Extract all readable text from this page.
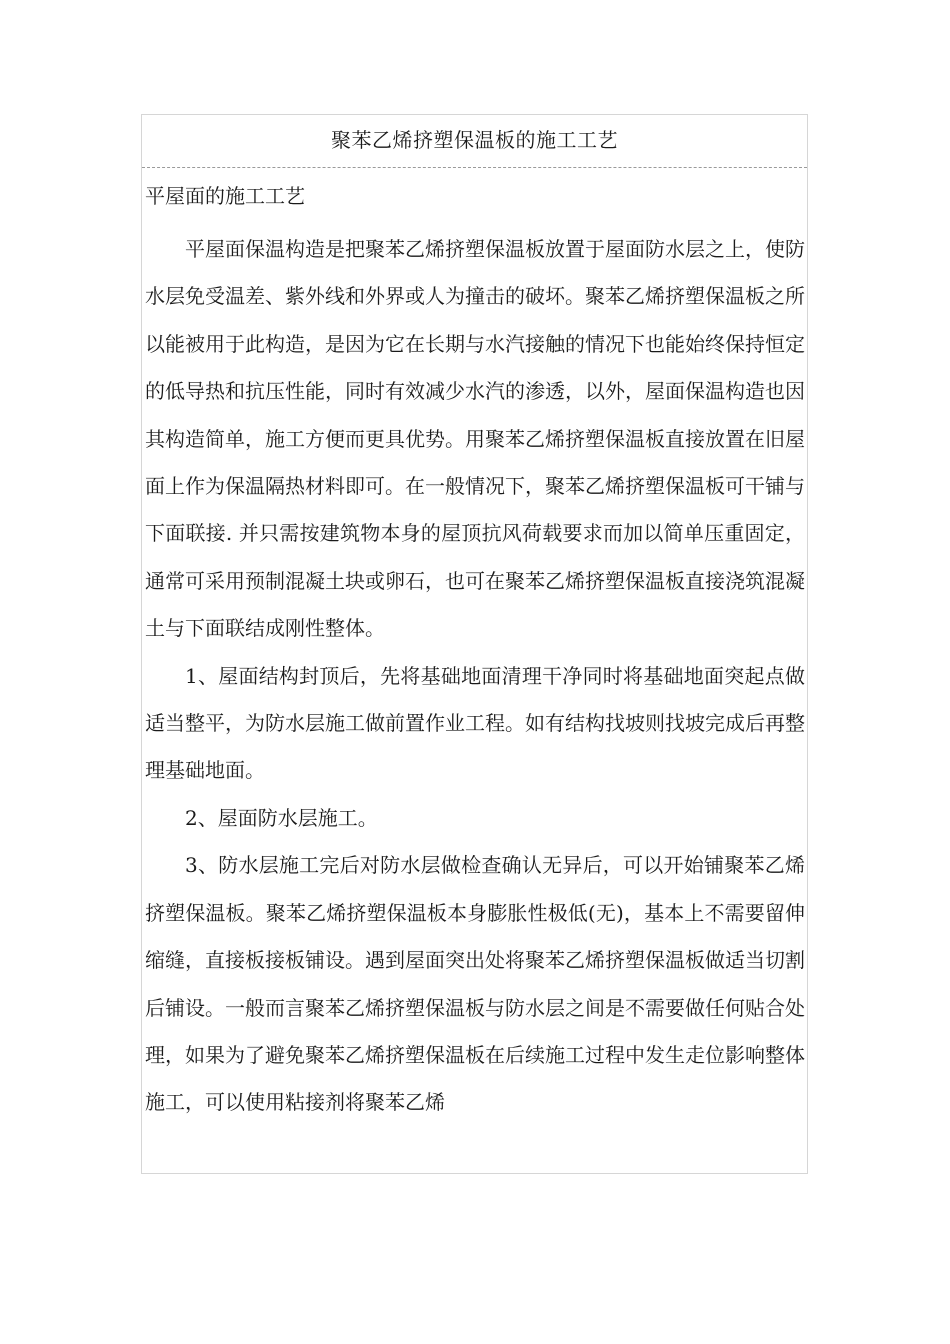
聚苯乙烯挤塑保温板的施工工艺
平屋面的施工工艺

平屋面保温构造是把聚苯乙烯挤塑保温板放置于屋面防水层之上，使防水层免受温差、紫外线和外界或人为撞击的破坏。聚苯乙烯挤塑保温板之所以能被用于此构造，是因为它在长期与水汽接触的情况下也能始终保持恒定的低导热和抗压性能，同时有效减少水汽的渗透，以外，屋面保温构造也因其构造简单，施工方便而更具优势。用聚苯乙烯挤塑保温板直接放置在旧屋面上作为保温隔热材料即可。在一般情况下，聚苯乙烯挤塑保温板可干铺与下面联接. 并只需按建筑物本身的屋顶抗风荷载要求而加以简单压重固定，通常可采用预制混凝土块或卵石，也可在聚苯乙烯挤塑保温板直接浇筑混凝土与下面联结成刚性整体。

1、屋面结构封顶后，先将基础地面清理干净同时将基础地面突起点做适当整平，为防水层施工做前置作业工程。如有结构找坡则找坡完成后再整理基础地面。

2、屋面防水层施工。

3、防水层施工完后对防水层做检查确认无异后，可以开始铺聚苯乙烯挤塑保温板。聚苯乙烯挤塑保温板本身膨胀性极低(无)，基本上不需要留伸缩缝，直接板接板铺设。遇到屋面突出处将聚苯乙烯挤塑保温板做适当切割后铺设。一般而言聚苯乙烯挤塑保温板与防水层之间是不需要做任何贴合处理，如果为了避免聚苯乙烯挤塑保温板在后续施工过程中发生走位影响整体施工，可以使用粘接剂将聚苯乙烯
